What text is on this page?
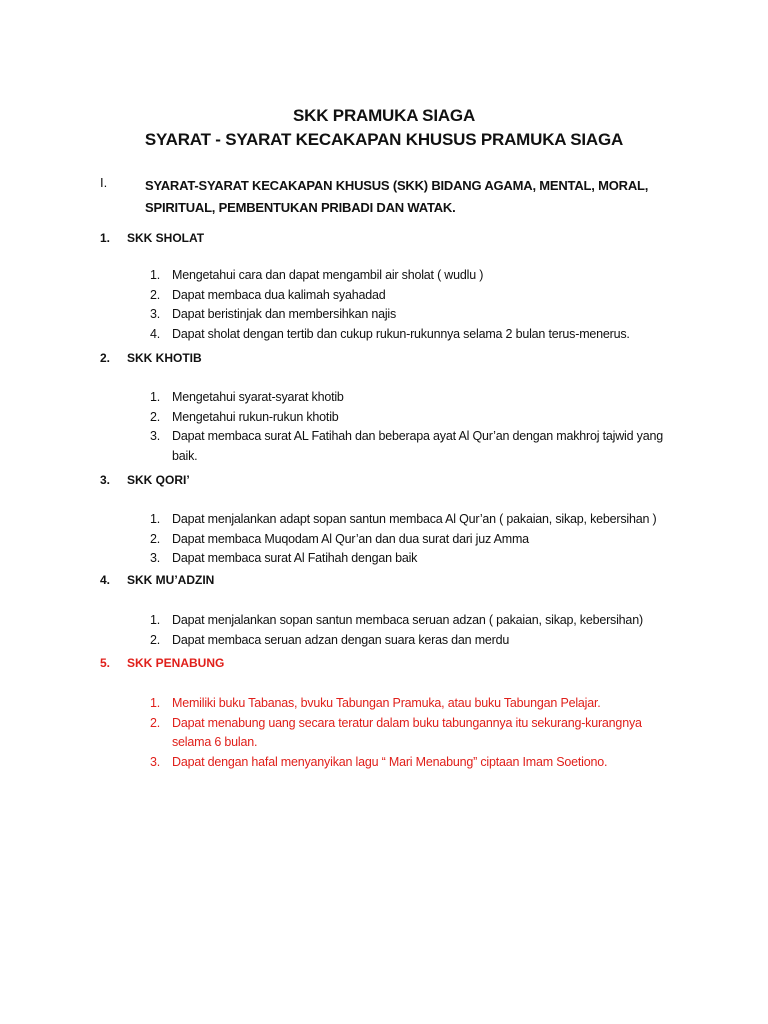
SKK PRAMUKA SIAGA
SYARAT - SYARAT KECAKAPAN KHUSUS PRAMUKA SIAGA
I.	SYARAT-SYARAT KECAKAPAN KHUSUS (SKK) BIDANG AGAMA, MENTAL, MORAL, SPIRITUAL, PEMBENTUKAN PRIBADI DAN WATAK.
1. SKK SHOLAT
1. Mengetahui cara dan dapat mengambil air sholat ( wudlu )
2. Dapat membaca dua kalimah syahadad
3. Dapat beristinjak dan membersihkan najis
4. Dapat sholat dengan tertib dan cukup rukun-rukunnya selama 2 bulan terus-menerus.
2. SKK KHOTIB
1. Mengetahui syarat-syarat khotib
2. Mengetahui rukun-rukun khotib
3. Dapat membaca surat AL Fatihah dan beberapa ayat Al Qur’an dengan makhroj tajwid yang baik.
3. SKK QORI’
1. Dapat menjalankan adapt sopan santun membaca Al Qur’an ( pakaian, sikap, kebersihan )
2. Dapat membaca Muqodam Al Qur’an dan dua surat dari juz Amma
3. Dapat membaca surat Al Fatihah dengan baik
4. SKK MU’ADZIN
1. Dapat menjalankan sopan santun membaca seruan adzan ( pakaian, sikap, kebersihan)
2. Dapat membaca seruan adzan dengan suara keras dan merdu
5. SKK PENABUNG
1. Memiliki buku Tabanas, bvuku Tabungan Pramuka, atau buku Tabungan Pelajar.
2. Dapat menabung uang secara teratur dalam buku tabungannya itu sekurang-kurangnya selama 6 bulan.
3. Dapat dengan hafal menyanyikan lagu “ Mari Menabung” ciptaan Imam Soetiono.
